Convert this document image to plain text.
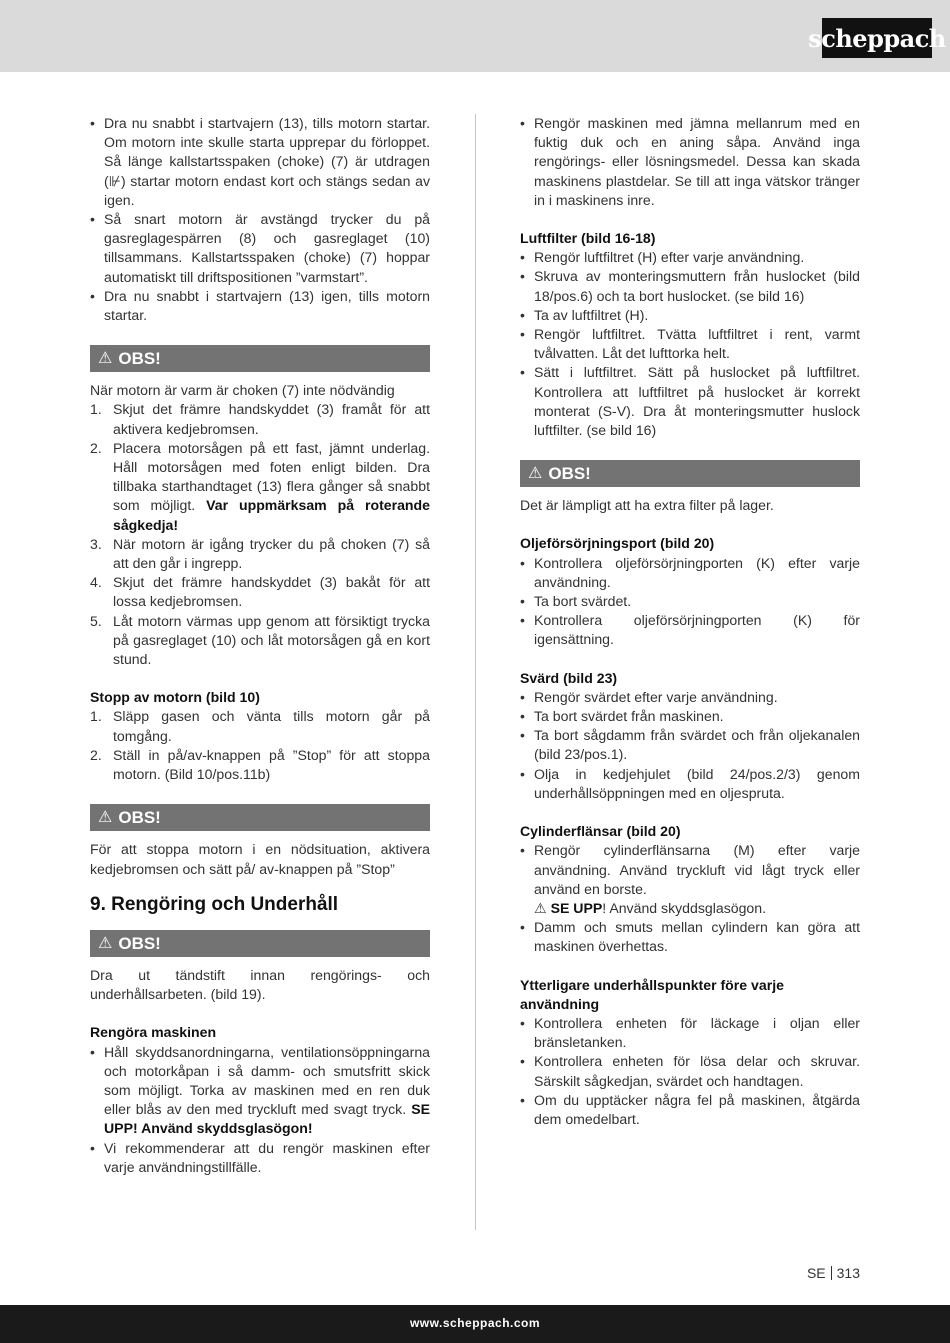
scheppach
• Dra nu snabbt i startvajern (13), tills motorn startar. Om motorn inte skulle starta upprepar du förloppet. Så länge kallstartsspaken (choke) (7) är utdragen (⊮) startar motorn endast kort och stängs sedan av igen.
• Så snart motorn är avstängd trycker du på gasreglagespärren (8) och gasreglaget (10) tillsammans. Kallstartsspaken (choke) (7) hoppar automatiskt till driftspositionen ”varmstart”.
• Dra nu snabbt i startvajern (13) igen, tills motorn startar.
⚠ OBS!

När motorn är varm är choken (7) inte nödvändig

1. Skjut det främre handskyddet (3) framåt för att aktivera kedjebromsen.
2. Placera motorsågen på ett fast, jämnt underlag. Håll motorsågen med foten enligt bilden. Dra tillbaka starthandtaget (13) flera gånger så snabbt som möjligt. Var uppmärksam på roterande sågkedja!
3. När motorn är igång trycker du på choken (7) så att den går i ingrepp.
4. Skjut det främre handskyddet (3) bakåt för att lossa kedjebromsen.
5. Låt motorn värmas upp genom att försiktigt trycka på gasreglaget (10) och låt motorsågen gå en kort stund.

Stopp av motorn (bild 10)

1. Släpp gasen och vänta tills motorn går på tomgång.
2. Ställ in på/av-knappen på ”Stop” för att stoppa motorn. (Bild 10/pos.11b)
⚠ OBS!

För att stoppa motorn i en nödsituation, aktivera kedjebromsen och sätt på/ av-knappen på ”Stop”

9. Rengöring och Underhåll
⚠ OBS!

Dra ut tändstift innan rengörings- och underhållsarbeten. (bild 19).

Rengöra maskinen

• Håll skyddsanordningarna, ventilationsöppningarna och motorkåpan i så damm- och smutsfritt skick som möjligt. Torka av maskinen med en ren duk eller blås av den med tryckluft med svagt tryck. SE UPP! Använd skyddsglasögon!
• Vi rekommenderar att du rengör maskinen efter varje användningstillfälle.
• Rengör maskinen med jämna mellanrum med en fuktig duk och en aning såpa. Använd inga rengörings- eller lösningsmedel. Dessa kan skada maskinens plastdelar. Se till att inga vätskor tränger in i maskinens inre.

Luftfilter (bild 16-18)

• Rengör luftfiltret (H) efter varje användning.
• Skruva av monteringsmuttern från huslocket (bild 18/pos.6) och ta bort huslocket. (se bild 16)
• Ta av luftfiltret (H).
• Rengör luftfiltret. Tvätta luftfiltret i rent, varmt tvålvatten. Låt det lufttorka helt.
• Sätt i luftfiltret. Sätt på huslocket på luftfiltret. Kontrollera att luftfiltret på huslocket är korrekt monterat (S-V). Dra åt monteringsmutter huslock luftfilter. (se bild 16)
⚠ OBS!

Det är lämpligt att ha extra filter på lager.

Oljeförsörjningsport (bild 20)

• Kontrollera oljeförsörjningporten (K) efter varje användning.
• Ta bort svärdet.
• Kontrollera oljeförsörjningporten (K) för igensättning.

Svärd (bild 23)

• Rengör svärdet efter varje användning.
• Ta bort svärdet från maskinen.
• Ta bort sågdamm från svärdet och från oljekanalen (bild 23/pos.1).
• Olja in kedjehjulet (bild 24/pos.2/3) genom underhållsöppningen med en oljespruta.

Cylinderflänsar (bild 20)

• Rengör cylinderflänsarna (M) efter varje användning. Använd tryckluft vid lågt tryck eller använd en borste.
⚠ SE UPP! Använd skyddsglasögon.
• Damm och smuts mellan cylindern kan göra att maskinen överhettas.

Ytterligare underhållspunkter före varje användning

• Kontrollera enheten för läckage i oljan eller bränsletanken.
• Kontrollera enheten för lösa delar och skruvar. Särskilt sågkedjan, svärdet och handtagen.
• Om du upptäcker några fel på maskinen, åtgärda dem omedelbart.
SE 313
www.scheppach.com
